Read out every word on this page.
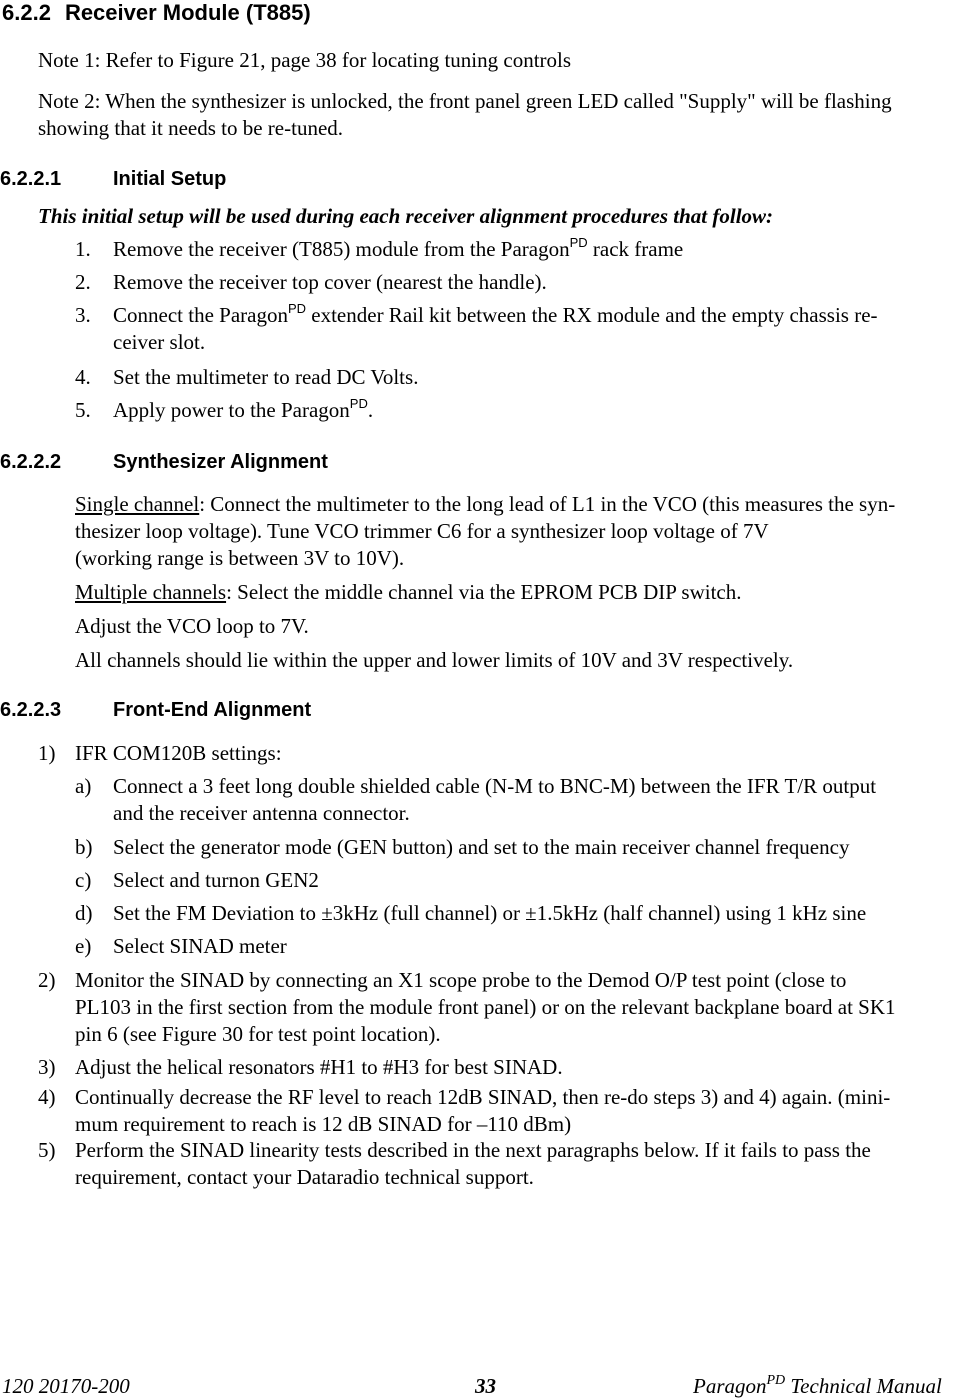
6.2.2 Receiver Module (T885)
Note 1: Refer to Figure 21, page 38 for locating tuning controls
Note 2: When the synthesizer is unlocked, the front panel green LED called "Supply" will be flashing
showing that it needs to be re-tuned.
6.2.2.1	Initial Setup
This initial setup will be used during each receiver alignment procedures that follow:
1. Remove the receiver (T885) module from the Paragon$^{PD}$ rack frame
2. Remove the receiver top cover (nearest the handle).
3. Connect the Paragon$^{PD}$ extender Rail kit between the RX module and the empty chassis re-
ceiver slot.
4. Set the multimeter to read DC Volts.
5. Apply power to the Paragon$^{PD}$.
6.2.2.2	Synthesizer Alignment
Single channel: Connect the multimeter to the long lead of L1 in the VCO (this measures the syn-
thesizer loop voltage). Tune VCO trimmer C6 for a synthesizer loop voltage of 7V
(working range is between 3V to 10V).
Multiple channels: Select the middle channel via the EPROM PCB DIP switch.
Adjust the VCO loop to 7V.
All channels should lie within the upper and lower limits of 10V and 3V respectively.
6.2.2.3	Front-End Alignment
1) IFR COM120B settings:
a) Connect a 3 feet long double shielded cable (N-M to BNC-M) between the IFR T/R output
and the receiver antenna connector.
b) Select the generator mode (GEN button) and set to the main receiver channel frequency
c) Select and turnon GEN2
d) Set the FM Deviation to ±3kHz (full channel) or ±1.5kHz (half channel) using 1 kHz sine
e) Select SINAD meter
2) Monitor the SINAD by connecting an X1 scope probe to the Demod O/P test point (close to
PL103 in the first section from the module front panel) or on the relevant backplane board at SK1
pin 6 (see Figure 30 for test point location).
3) Adjust the helical resonators #H1 to #H3 for best SINAD.
4) Continually decrease the RF level to reach 12dB SINAD, then re-do steps 3) and 4) again. (mini-
mum requirement to reach is 12 dB SINAD for –110 dBm)
5) Perform the SINAD linearity tests described in the next paragraphs below. If it fails to pass the
requirement, contact your Dataradio technical support.
120 20170-200	33	Paragon$^{PD}$ Technical Manual
